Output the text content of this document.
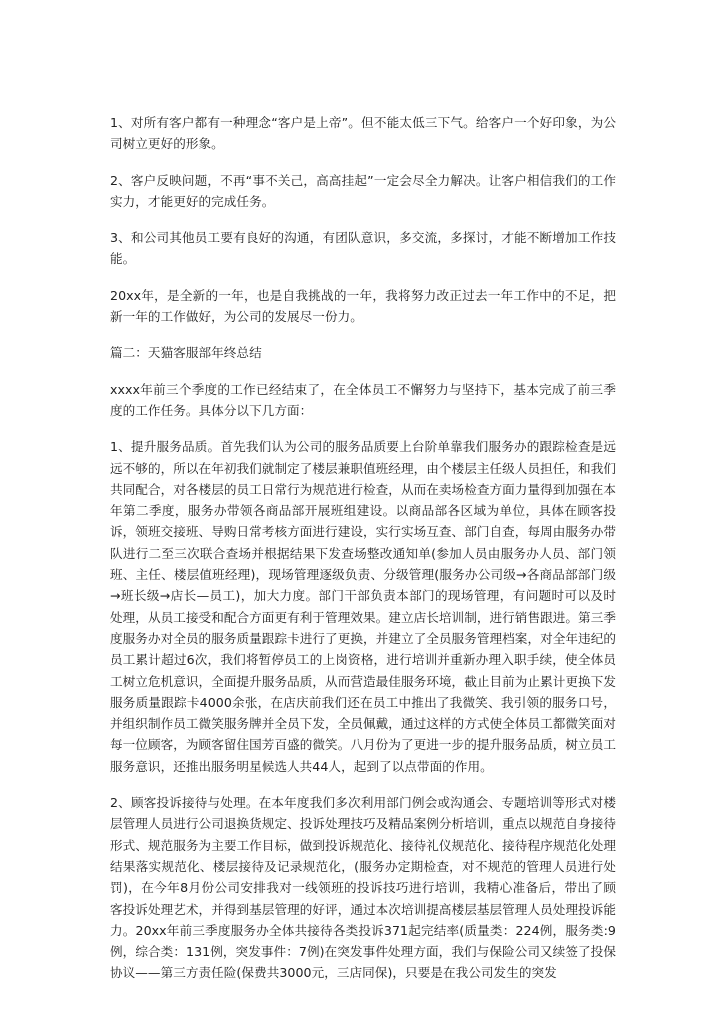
1、对所有客户都有一种理念“客户是上帝”。但不能太低三下气。给客户一个好印象，为公司树立更好的形象。

2、客户反映问题，不再“事不关己，高高挂起”一定会尽全力解决。让客户相信我们的工作实力，才能更好的完成任务。

3、和公司其他员工要有良好的沟通，有团队意识，多交流，多探讨，才能不断增加工作技能。

20xx年，是全新的一年，也是自我挑战的一年，我将努力改正过去一年工作中的不足，把新一年的工作做好，为公司的发展尽一份力。

篇二：天猫客服部年终总结

xxxx年前三个季度的工作已经结束了，在全体员工不懈努力与坚持下，基本完成了前三季度的工作任务。具体分以下几方面：

1、提升服务品质。首先我们认为公司的服务品质要上台阶单靠我们服务办的跟踪检查是远远不够的，所以在年初我们就制定了楼层兼职值班经理，由个楼层主任级人员担任，和我们共同配合，对各楼层的员工日常行为规范进行检查，从而在卖场检查方面力量得到加强在本年第二季度，服务办带领各商品部开展班组建设。以商品部各区域为单位，具体在顾客投诉，领班交接班、导购日常考核方面进行建设，实行实场互查、部门自查，每周由服务办带队进行二至三次联合查场并根据结果下发查场整改通知单(参加人员由服务办人员、部门领班、主任、楼层值班经理)，现场管理逐级负责、分级管理(服务办公司级→各商品部部门级→班长级→店长—员工)，加大力度。部门干部负责本部门的现场管理，有问题时可以及时处理，从员工接受和配合方面更有利于管理效果。建立店长培训制，进行销售跟进。第三季度服务办对全员的服务质量跟踪卡进行了更换，并建立了全员服务管理档案，对全年违纪的员工累计超过6次，我们将暂停员工的上岗资格，进行培训并重新办理入职手续，使全体员工树立危机意识，全面提升服务品质，从而营造最佳服务环境，截止目前为止累计更换下发服务质量跟踪卡4000余张，在店庆前我们还在员工中推出了我微笑、我引领的服务口号，并组织制作员工微笑服务牌并全员下发，全员佩戴，通过这样的方式使全体员工都微笑面对每一位顾客，为顾客留住国芳百盛的微笑。八月份为了更进一步的提升服务品质，树立员工服务意识，还推出服务明星候选人共44人，起到了以点带面的作用。

2、顾客投诉接待与处理。在本年度我们多次利用部门例会或沟通会、专题培训等形式对楼层管理人员进行公司退换货规定、投诉处理技巧及精品案例分析培训，重点以规范自身接待形式、规范服务为主要工作目标，做到投诉规范化、接待礼仪规范化、接待程序规范化处理结果落实规范化、楼层接待及记录规范化，(服务办定期检查，对不规范的管理人员进行处罚)，在今年8月份公司安排我对一线领班的投诉技巧进行培训，我精心准备后，带出了顾客投诉处理艺术，并得到基层管理的好评，通过本次培训提高楼层基层管理人员处理投诉能力。20xx年前三季度服务办全体共接待各类投诉371起完结率(质量类：224例，服务类:9例，综合类：131例，突发事件：7例)在突发事件处理方面，我们与保险公司又续签了投保协议——第三方责任险(保费共3000元，三店同保)，只要是在我公司发生的突发
